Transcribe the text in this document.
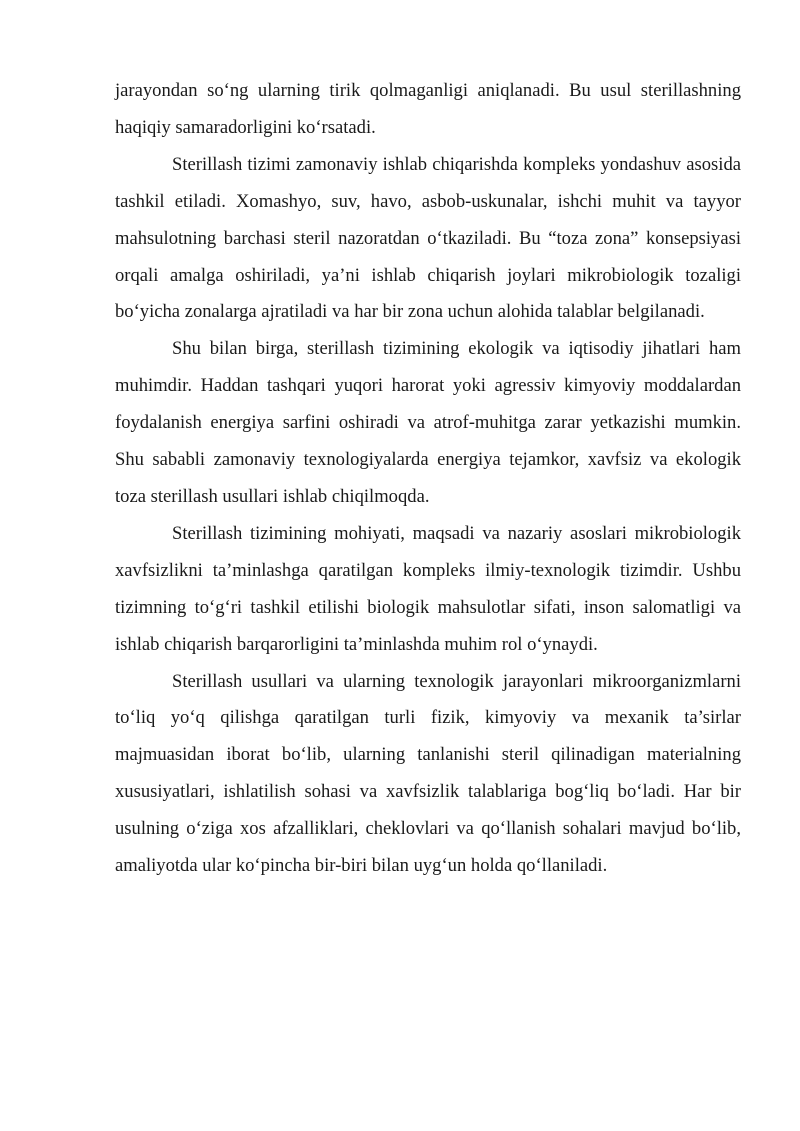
jarayondan so‘ng ularning tirik qolmaganligi aniqlanadi. Bu usul sterillashning haqiqiy samaradorligini ko‘rsatadi.

Sterillash tizimi zamonaviy ishlab chiqarishda kompleks yondashuv asosida tashkil etiladi. Xomashyo, suv, havo, asbob-uskunalar, ishchi muhit va tayyor mahsulotning barchasi steril nazoratdan o‘tkaziladi. Bu “toza zona” konsepsiyasi orqali amalga oshiriladi, ya’ni ishlab chiqarish joylari mikrobiologik tozaligi bo‘yicha zonalarga ajratiladi va har bir zona uchun alohida talablar belgilanadi.

Shu bilan birga, sterillash tizimining ekologik va iqtisodiy jihatlari ham muhimdir. Haddan tashqari yuqori harorat yoki agressiv kimyoviy moddalardan foydalanish energiya sarfini oshiradi va atrof-muhitga zarar yetkazishi mumkin. Shu sababli zamonaviy texnologiyalarda energiya tejamkor, xavfsiz va ekologik toza sterillash usullari ishlab chiqilmoqda.

Sterillash tizimining mohiyati, maqsadi va nazariy asoslari mikrobiologik xavfsizlikni ta’minlashga qaratilgan kompleks ilmiy-texnologik tizimdir. Ushbu tizimning to‘g‘ri tashkil etilishi biologik mahsulotlar sifati, inson salomatligi va ishlab chiqarish barqarorligini ta’minlashda muhim rol o‘ynaydi.

Sterillash usullari va ularning texnologik jarayonlari mikroorganizmlarni to‘liq yo‘q qilishga qaratilgan turli fizik, kimyoviy va mexanik ta’sirlar majmuasidan iborat bo‘lib, ularning tanlanishi steril qilinadigan materialning xususiyatlari, ishlatilish sohasi va xavfsizlik talablariga bog‘liq bo‘ladi. Har bir usulning o‘ziga xos afzalliklari, cheklovlari va qo‘llanish sohalari mavjud bo‘lib, amaliyotda ular ko‘pincha bir-biri bilan uyg‘un holda qo‘llaniladi.
